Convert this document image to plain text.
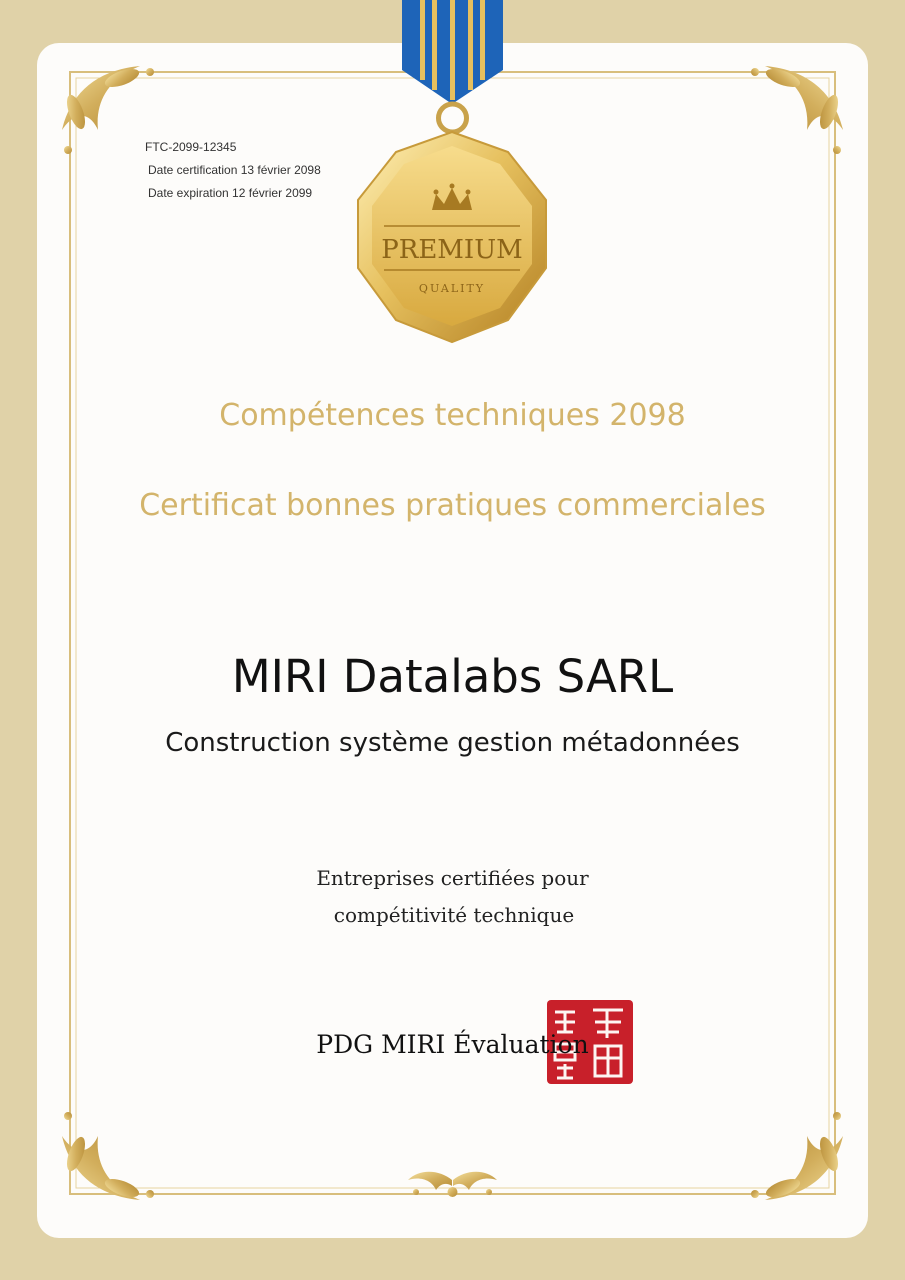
FTC-2099-12345
Date certification 13 février 2098
Date expiration 12 février 2099
PREMIUM
QUALITY
Compétences techniques 2098
Certificat bonnes pratiques commerciales
MIRI Datalabs SARL
Construction système gestion métadonnées
Entreprises certifiées pour
compétitivité technique
PDG MIRI Évaluation
